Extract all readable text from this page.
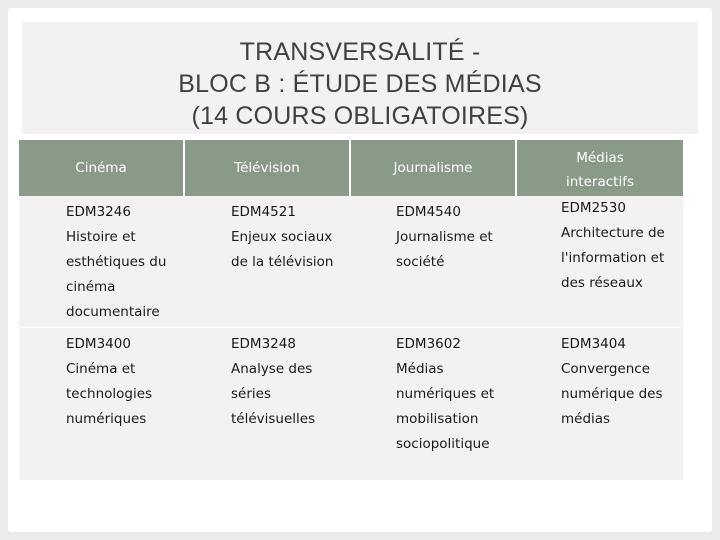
TRANSVERSALITÉ -
BLOC B : ÉTUDE DES MÉDIAS
(14 COURS OBLIGATOIRES)
Cinéma	Télévision	Journalisme
Médias
interactifs
EDM3246
Histoire et
esthétiques du
cinéma
documentaire
EDM4521
Enjeux sociaux
de la télévision
EDM4540
Journalisme et
société
EDM2530
Architecture de
l'information et
des réseaux
EDM3400
Cinéma et
technologies
numériques
EDM3248
Analyse des
séries
télévisuelles
EDM3602
Médias
numériques et
mobilisation
sociopolitique
EDM3404
Convergence
numérique des
médias
